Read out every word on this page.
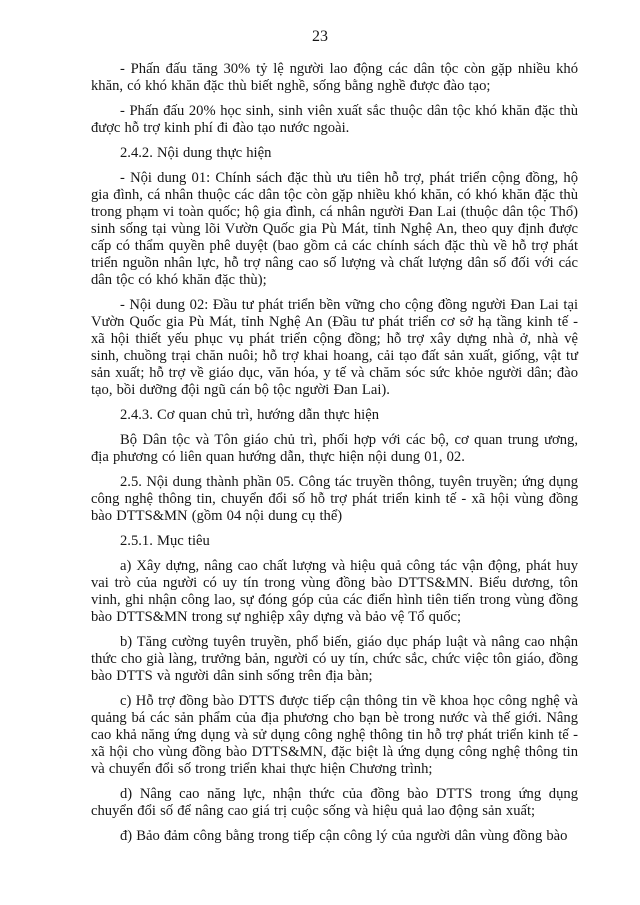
23

- Phấn đấu tăng 30% tỷ lệ người lao động các dân tộc còn gặp nhiều khó khăn, có khó khăn đặc thù biết nghề, sống bằng nghề được đào tạo;

- Phấn đấu 20% học sinh, sinh viên xuất sắc thuộc dân tộc khó khăn đặc thù được hỗ trợ kinh phí đi đào tạo nước ngoài.

2.4.2. Nội dung thực hiện

- Nội dung 01: Chính sách đặc thù ưu tiên hỗ trợ, phát triển cộng đồng, hộ gia đình, cá nhân thuộc các dân tộc còn gặp nhiều khó khăn, có khó khăn đặc thù trong phạm vi toàn quốc; hộ gia đình, cá nhân người Đan Lai (thuộc dân tộc Thổ) sinh sống tại vùng lõi Vườn Quốc gia Pù Mát, tỉnh Nghệ An, theo quy định được cấp có thẩm quyền phê duyệt (bao gồm cả các chính sách đặc thù về hỗ trợ phát triển nguồn nhân lực, hỗ trợ nâng cao số lượng và chất lượng dân số đối với các dân tộc có khó khăn đặc thù);

- Nội dung 02: Đầu tư phát triển bền vững cho cộng đồng người Đan Lai tại Vườn Quốc gia Pù Mát, tỉnh Nghệ An (Đầu tư phát triển cơ sở hạ tầng kinh tế - xã hội thiết yếu phục vụ phát triển cộng đồng; hỗ trợ xây dựng nhà ở, nhà vệ sinh, chuồng trại chăn nuôi; hỗ trợ khai hoang, cải tạo đất sản xuất, giống, vật tư sản xuất; hỗ trợ về giáo dục, văn hóa, y tế và chăm sóc sức khỏe người dân; đào tạo, bồi dưỡng đội ngũ cán bộ tộc người Đan Lai).

2.4.3. Cơ quan chủ trì, hướng dẫn thực hiện

Bộ Dân tộc và Tôn giáo chủ trì, phối hợp với các bộ, cơ quan trung ương, địa phương có liên quan hướng dẫn, thực hiện nội dung 01, 02.

2.5. Nội dung thành phần 05. Công tác truyền thông, tuyên truyền; ứng dụng công nghệ thông tin, chuyển đổi số hỗ trợ phát triển kinh tế - xã hội vùng đồng bào DTTS&MN (gồm 04 nội dung cụ thể)

2.5.1. Mục tiêu

a) Xây dựng, nâng cao chất lượng và hiệu quả công tác vận động, phát huy vai trò của người có uy tín trong vùng đồng bào DTTS&MN. Biểu dương, tôn vinh, ghi nhận công lao, sự đóng góp của các điển hình tiên tiến trong vùng đồng bào DTTS&MN trong sự nghiệp xây dựng và bảo vệ Tổ quốc;

b) Tăng cường tuyên truyền, phổ biến, giáo dục pháp luật và nâng cao nhận thức cho già làng, trưởng bản, người có uy tín, chức sắc, chức việc tôn giáo, đồng bào DTTS và người dân sinh sống trên địa bàn;

c) Hỗ trợ đồng bào DTTS được tiếp cận thông tin về khoa học công nghệ và quảng bá các sản phẩm của địa phương cho bạn bè trong nước và thế giới. Nâng cao khả năng ứng dụng và sử dụng công nghệ thông tin hỗ trợ phát triển kinh tế - xã hội cho vùng đồng bào DTTS&MN, đặc biệt là ứng dụng công nghệ thông tin và chuyển đổi số trong triển khai thực hiện Chương trình;

d) Nâng cao năng lực, nhận thức của đồng bào DTTS trong ứng dụng chuyển đổi số để nâng cao giá trị cuộc sống và hiệu quả lao động sản xuất;

đ) Bảo đảm công bằng trong tiếp cận công lý của người dân vùng đồng bào
